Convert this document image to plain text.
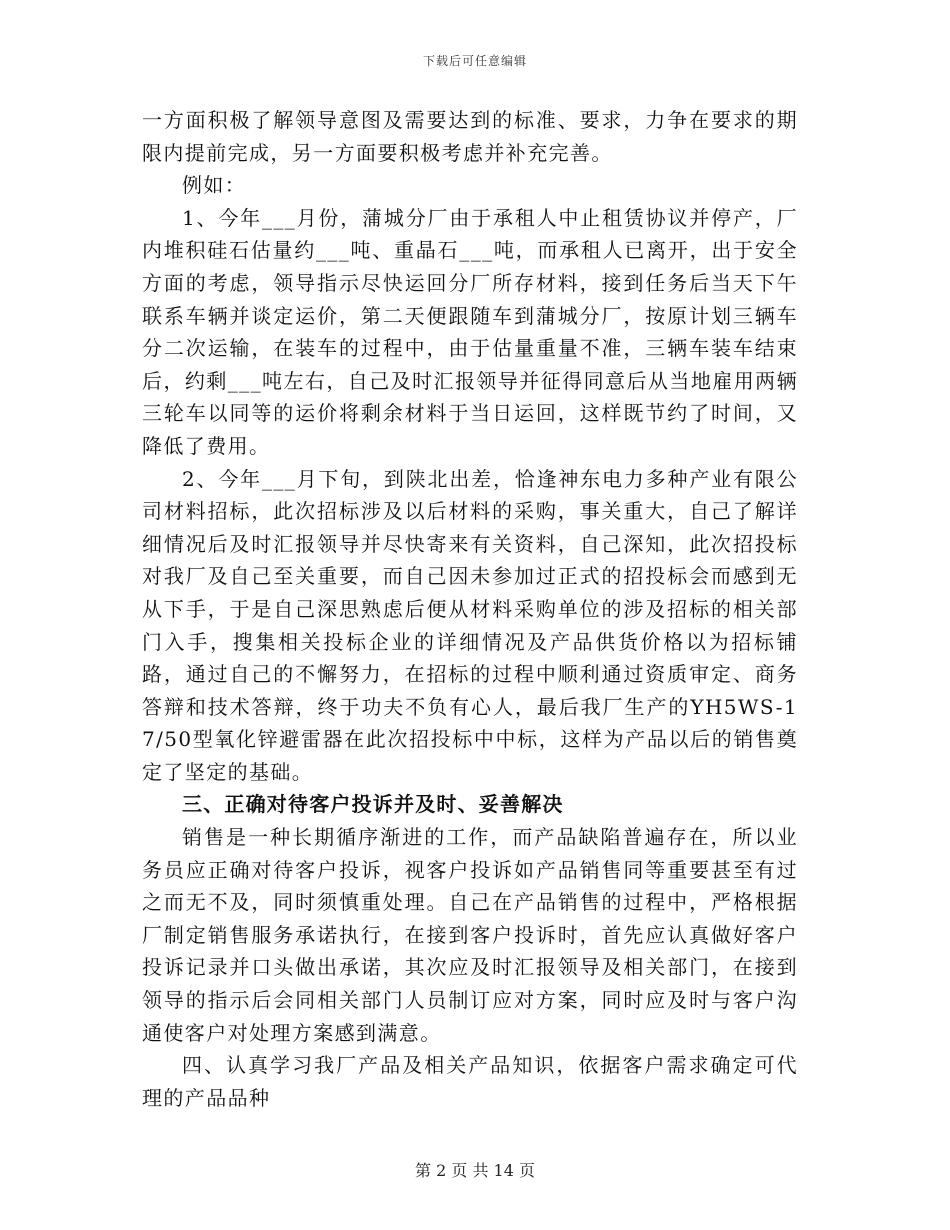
下载后可任意编辑

一方面积极了解领导意图及需要达到的标准、要求，力争在要求的期限内提前完成，另一方面要积极考虑并补充完善。

例如：

1、今年___月份，蒲城分厂由于承租人中止租赁协议并停产，厂内堆积硅石估量约___吨、重晶石___吨，而承租人已离开，出于安全方面的考虑，领导指示尽快运回分厂所存材料，接到任务后当天下午联系车辆并谈定运价，第二天便跟随车到蒲城分厂，按原计划三辆车分二次运输，在装车的过程中，由于估量重量不准，三辆车装车结束后，约剩___吨左右，自己及时汇报领导并征得同意后从当地雇用两辆三轮车以同等的运价将剩余材料于当日运回，这样既节约了时间，又降低了费用。

2、今年___月下旬，到陕北出差，恰逢神东电力多种产业有限公司材料招标，此次招标涉及以后材料的采购，事关重大，自己了解详细情况后及时汇报领导并尽快寄来有关资料，自己深知，此次招投标对我厂及自己至关重要，而自己因未参加过正式的招投标会而感到无从下手，于是自己深思熟虑后便从材料采购单位的涉及招标的相关部门入手，搜集相关投标企业的详细情况及产品供货价格以为招标铺路，通过自己的不懈努力，在招标的过程中顺利通过资质审定、商务答辩和技术答辩，终于功夫不负有心人，最后我厂生产的YH5WS-17/50型氧化锌避雷器在此次招投标中中标，这样为产品以后的销售奠定了坚定的基础。

三、正确对待客户投诉并及时、妥善解决

销售是一种长期循序渐进的工作，而产品缺陷普遍存在，所以业务员应正确对待客户投诉，视客户投诉如产品销售同等重要甚至有过之而无不及，同时须慎重处理。自己在产品销售的过程中，严格根据厂制定销售服务承诺执行，在接到客户投诉时，首先应认真做好客户投诉记录并口头做出承诺，其次应及时汇报领导及相关部门，在接到领导的指示后会同相关部门人员制订应对方案，同时应及时与客户沟通使客户对处理方案感到满意。

四、认真学习我厂产品及相关产品知识，依据客户需求确定可代理的产品品种

第 2 页 共 14 页
